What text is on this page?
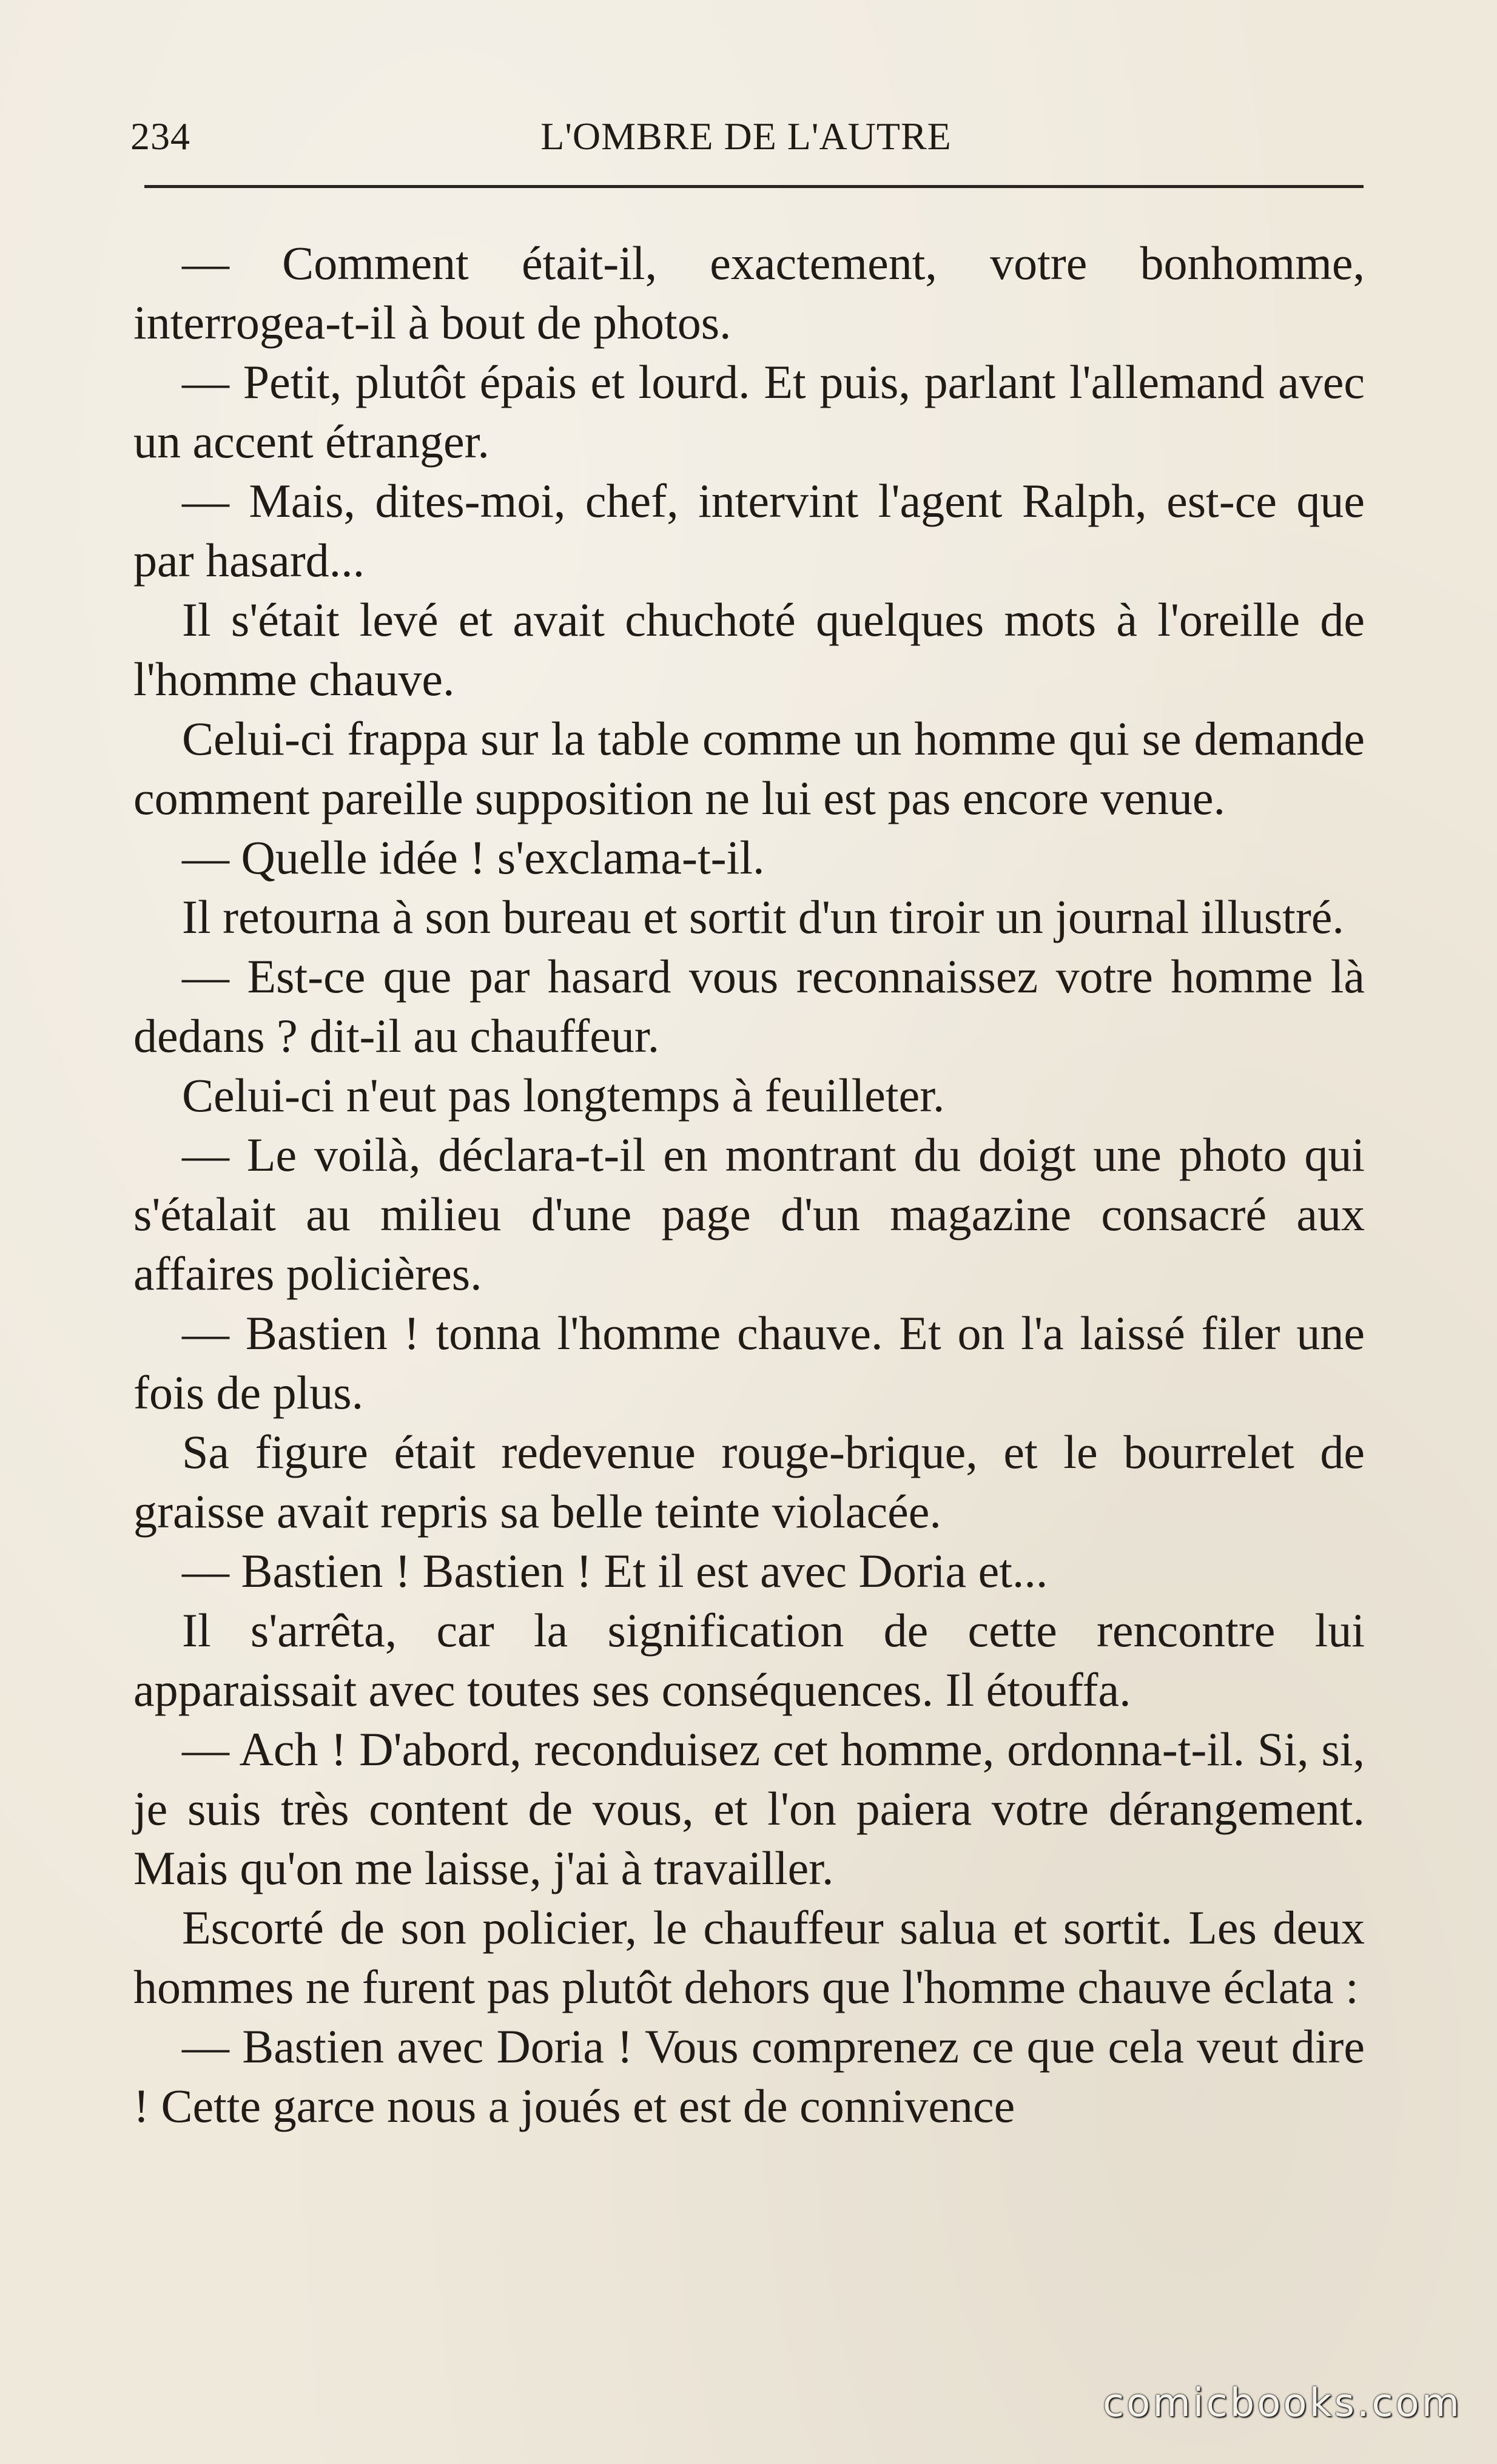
234	L'OMBRE DE L'AUTRE

— Comment était-il, exactement, votre bonhomme, interrogea-t-il à bout de photos.

— Petit, plutôt épais et lourd. Et puis, parlant l'allemand avec un accent étranger.

— Mais, dites-moi, chef, intervint l'agent Ralph, est-ce que par hasard...

Il s'était levé et avait chuchoté quelques mots à l'oreille de l'homme chauve.

Celui-ci frappa sur la table comme un homme qui se demande comment pareille supposition ne lui est pas encore venue.

— Quelle idée ! s'exclama-t-il.

Il retourna à son bureau et sortit d'un tiroir un journal illustré.

— Est-ce que par hasard vous reconnaissez votre homme là dedans ? dit-il au chauffeur.

Celui-ci n'eut pas longtemps à feuilleter.

— Le voilà, déclara-t-il en montrant du doigt une photo qui s'étalait au milieu d'une page d'un magazine consacré aux affaires policières.

— Bastien ! tonna l'homme chauve. Et on l'a laissé filer une fois de plus.

Sa figure était redevenue rouge-brique, et le bourrelet de graisse avait repris sa belle teinte violacée.

— Bastien ! Bastien ! Et il est avec Doria et...

Il s'arrêta, car la signification de cette rencontre lui apparaissait avec toutes ses conséquences. Il étouffa.

— Ach ! D'abord, reconduisez cet homme, ordonna-t-il. Si, si, je suis très content de vous, et l'on paiera votre dérangement. Mais qu'on me laisse, j'ai à travailler.

Escorté de son policier, le chauffeur salua et sortit. Les deux hommes ne furent pas plutôt dehors que l'homme chauve éclata :

— Bastien avec Doria ! Vous comprenez ce que cela veut dire ! Cette garce nous a joués et est de connivence

comicbooks.com
